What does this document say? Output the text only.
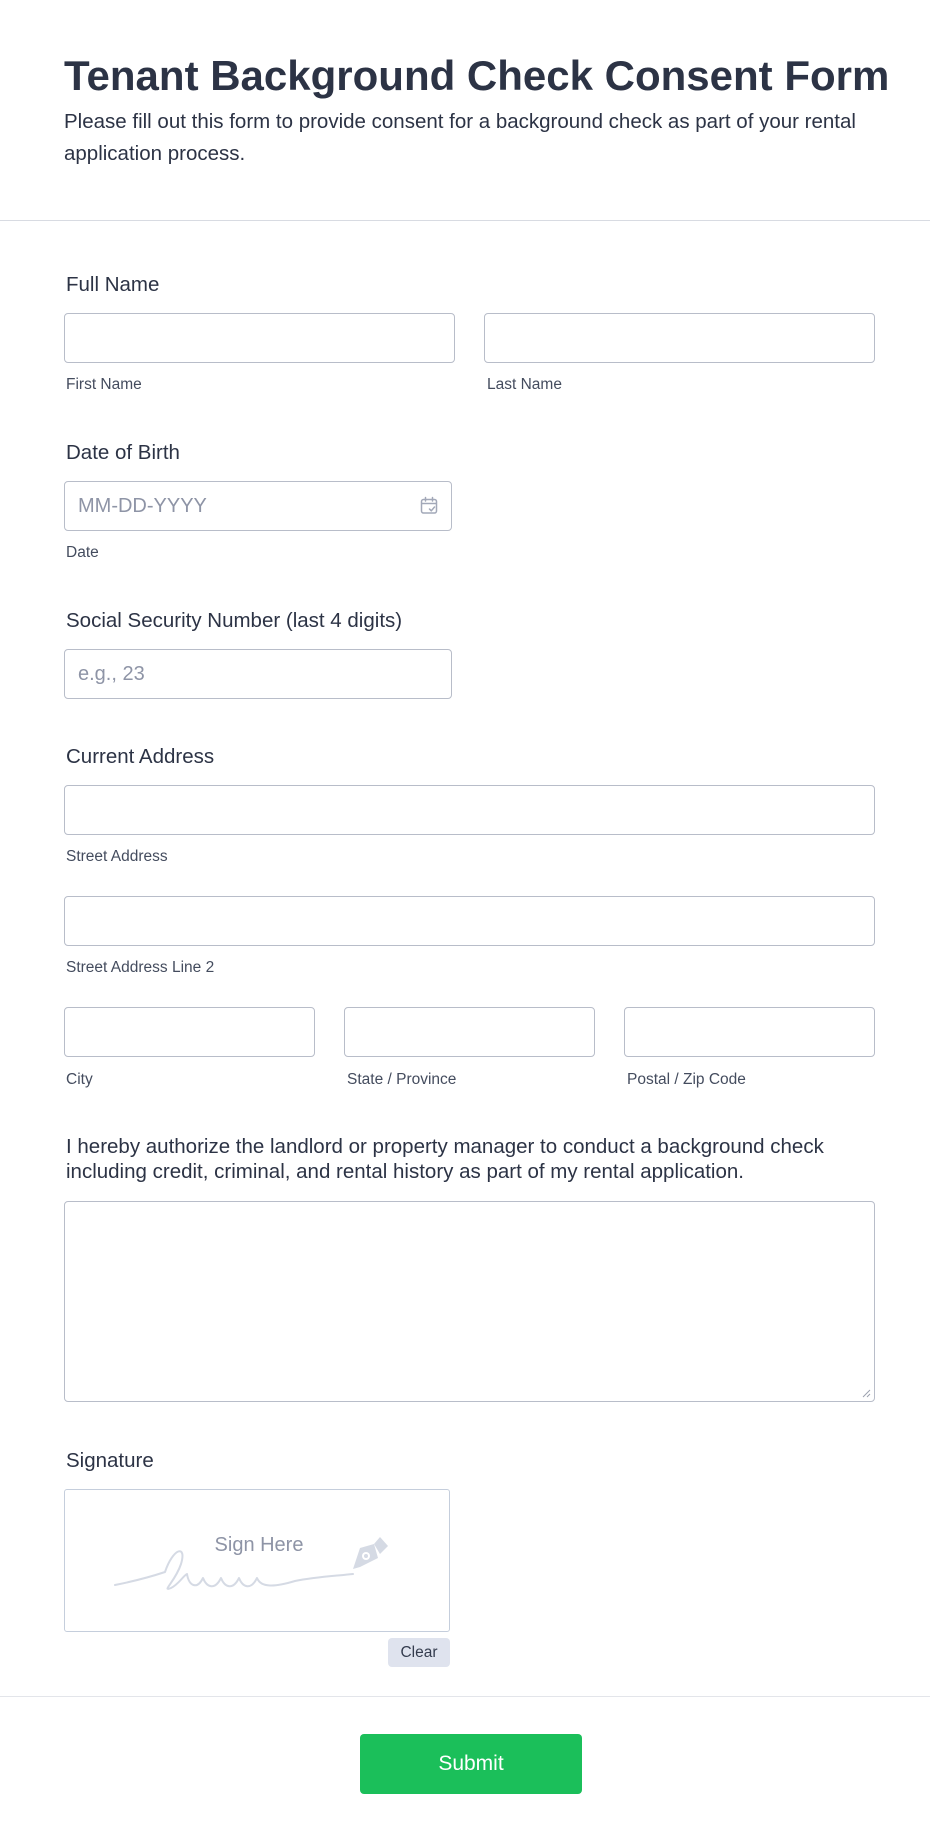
Tenant Background Check Consent Form

Please fill out this form to provide consent for a background check as part of your rental application process.

Full Name
First Name	Last Name
Date of Birth
MM-DD-YYYY
Date
Social Security Number (last 4 digits)
e.g., 23
Current Address
Street Address
Street Address Line 2
City	State / Province	Postal / Zip Code
I hereby authorize the landlord or property manager to conduct a background check including credit, criminal, and rental history as part of my rental application.
Signature
Sign Here
Clear
Submit
